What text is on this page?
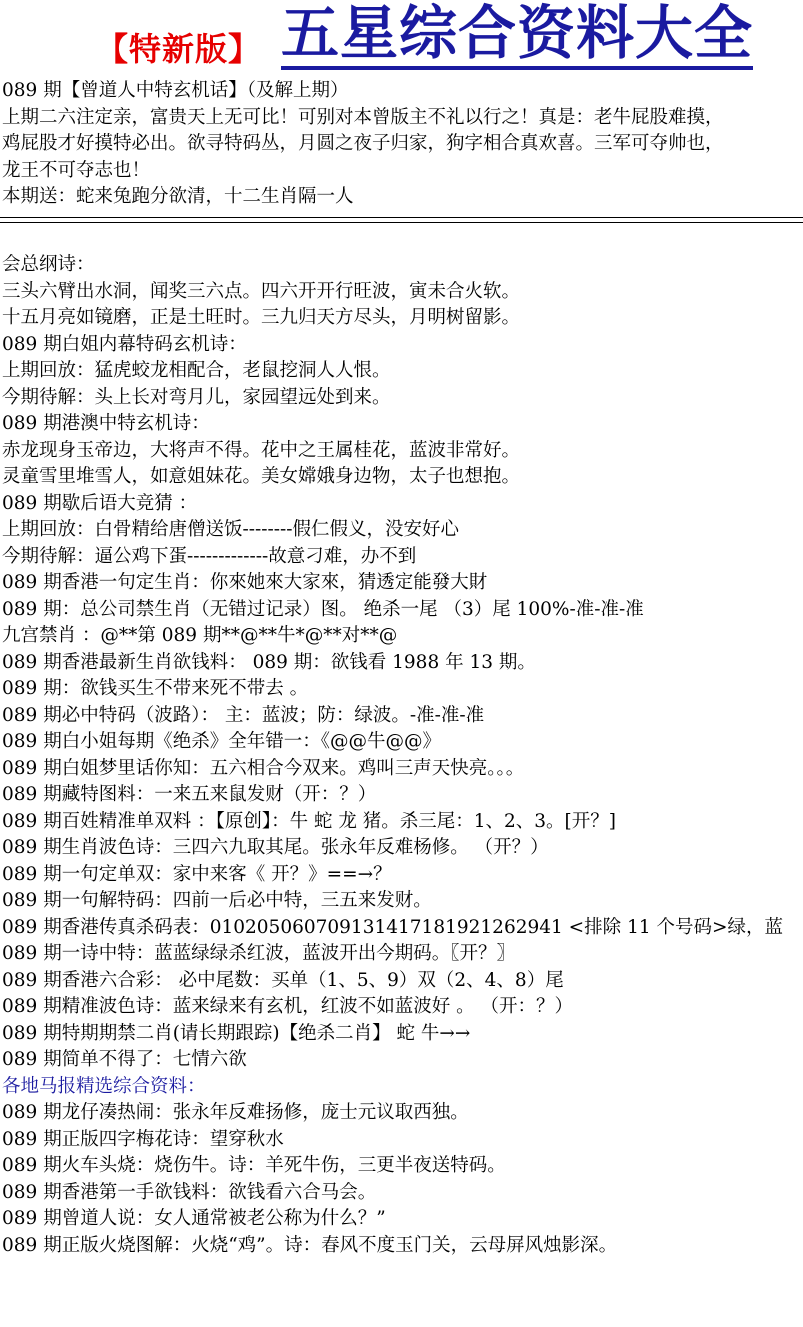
【特新版】 五星综合资料大全
089 期【曾道人中特玄机话】（及解上期）
上期二六注定亲，富贵天上无可比！可别对本曾版主不礼以行之！真是：老牛屁股难摸，
鸡屁股才好摸特必出。欲寻特码丛，月圆之夜子归家，狗字相合真欢喜。三军可夺帅也，
龙王不可夺志也！
本期送：蛇来兔跑分欲清，十二生肖隔一人
会总纲诗：
三头六臂出水洞，闻奖三六点。四六开开行旺波，寅未合火软。
十五月亮如镜磨，正是土旺时。三九归天方尽头，月明树留影。
089 期白姐内幕特码玄机诗：
上期回放：猛虎蛟龙相配合，老鼠挖洞人人恨。
今期待解：头上长对弯月儿，家园望远处到来。
089 期港澳中特玄机诗：
赤龙现身玉帝边，大将声不得。花中之王属桂花，蓝波非常好。
灵童雪里堆雪人，如意姐妹花。美女嫦娥身边物，太子也想抱。
089 期歇后语大竞猜 ：
上期回放：白骨精给唐僧送饭--------假仁假义，没安好心
今期待解：逼公鸡下蛋-------------故意刁难，办不到
089 期香港一句定生肖：你來她來大家來，猜透定能發大財
089 期：总公司禁生肖（无错过记录）图。 绝杀一尾 （3）尾 100%-准-准-准
九宫禁肖 ：@**第 089 期**@**牛*@**对**@
089 期香港最新生肖欲钱料： 089 期：欲钱看 1988 年 13 期。
089 期：欲钱买生不带来死不带去 。
089 期必中特码（波路）： 主：蓝波；防：绿波。-准-准-准
089 期白小姐每期《绝杀》全年错一：《@@牛@@》
089 期白姐梦里话你知：五六相合今双来。鸡叫三声天快亮。。。
089 期藏特图料：一来五来鼠发财（开：？）
089 期百姓精准单双料 ：【原创】：牛 蛇 龙 猪。杀三尾：1、2、3。[开？]
089 期生肖波色诗：三四六九取其尾。张永年反难杨修。 （开？）
089 期一句定单双：家中来客《 开？》==→？
089 期一句解特码：四前一后必中特，三五来发财。
089 期香港传真杀码表：010205060709131417181921262941 <排除 11 个号码>绿，蓝
089 期一诗中特：蓝蓝绿绿杀红波，蓝波开出今期码。〖开？〗
089 期香港六合彩： 必中尾数：买单（1、5、9）双（2、4、8）尾
089 期精准波色诗：蓝来绿来有玄机，红波不如蓝波好 。 （开：？）
089 期特期期禁二肖(请长期跟踪)【绝杀二肖】 蛇 牛→→
089 期简单不得了：七情六欲
各地马报精选综合资料：
089 期龙仔凑热闹：张永年反难扬修，庞士元议取西独。
089 期正版四字梅花诗：望穿秋水
089 期火车头烧：烧伤牛。诗：羊死牛伤，三更半夜送特码。
089 期香港第一手欲钱料：欲钱看六合马会。
089 期曾道人说：女人通常被老公称为什么？”
089 期正版火烧图解：火烧“鸡”。诗：春风不度玉门关，云母屏风烛影深。
